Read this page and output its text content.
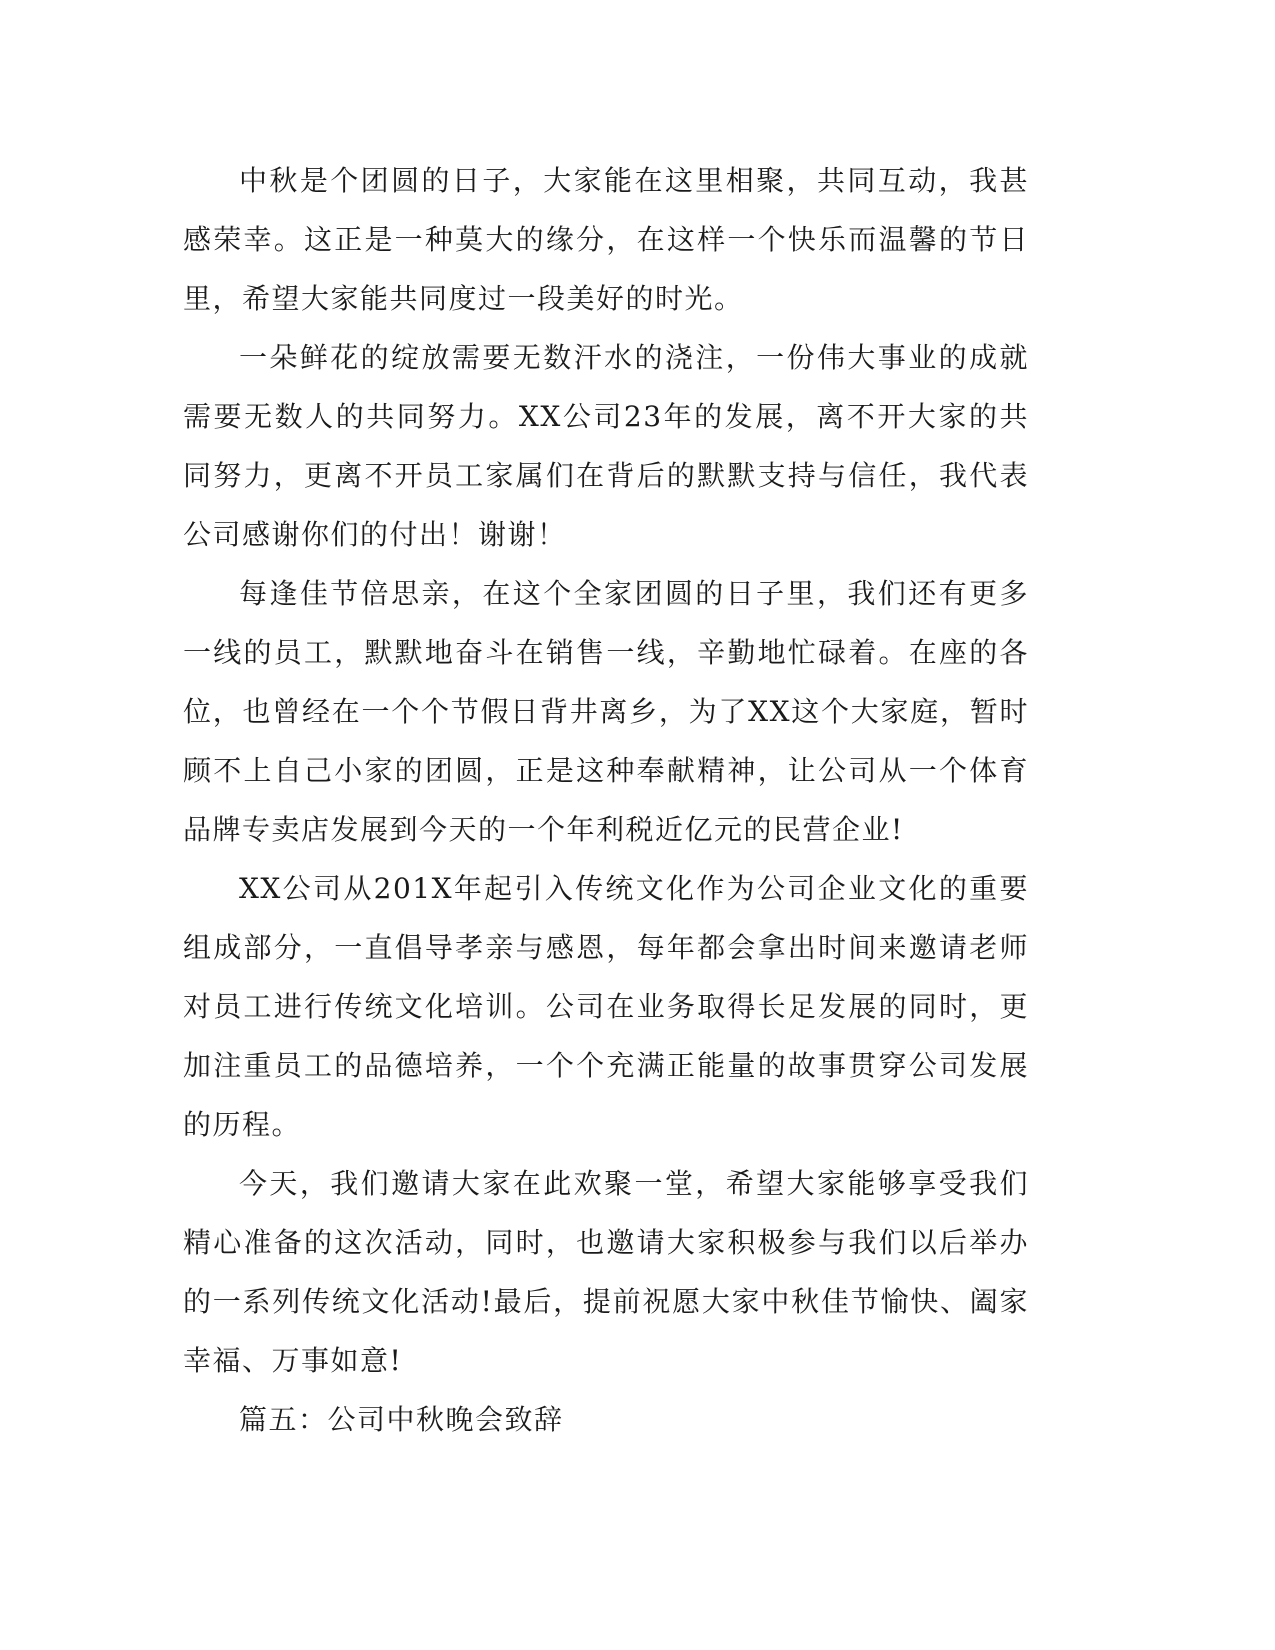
中秋是个团圆的日子，大家能在这里相聚，共同互动，我甚感荣幸。这正是一种莫大的缘分，在这样一个快乐而温馨的节日里，希望大家能共同度过一段美好的时光。

一朵鲜花的绽放需要无数汗水的浇注，一份伟大事业的成就需要无数人的共同努力。XX公司23年的发展，离不开大家的共同努力，更离不开员工家属们在背后的默默支持与信任，我代表公司感谢你们的付出！谢谢！

每逢佳节倍思亲，在这个全家团圆的日子里，我们还有更多一线的员工，默默地奋斗在销售一线，辛勤地忙碌着。在座的各位，也曾经在一个个节假日背井离乡，为了XX这个大家庭，暂时顾不上自己小家的团圆，正是这种奉献精神，让公司从一个体育品牌专卖店发展到今天的一个年利税近亿元的民营企业!

XX公司从201X年起引入传统文化作为公司企业文化的重要组成部分，一直倡导孝亲与感恩，每年都会拿出时间来邀请老师对员工进行传统文化培训。公司在业务取得长足发展的同时，更加注重员工的品德培养，一个个充满正能量的故事贯穿公司发展的历程。

今天，我们邀请大家在此欢聚一堂，希望大家能够享受我们精心准备的这次活动，同时，也邀请大家积极参与我们以后举办的一系列传统文化活动!最后，提前祝愿大家中秋佳节愉快、阖家幸福、万事如意!

篇五：公司中秋晚会致辞
